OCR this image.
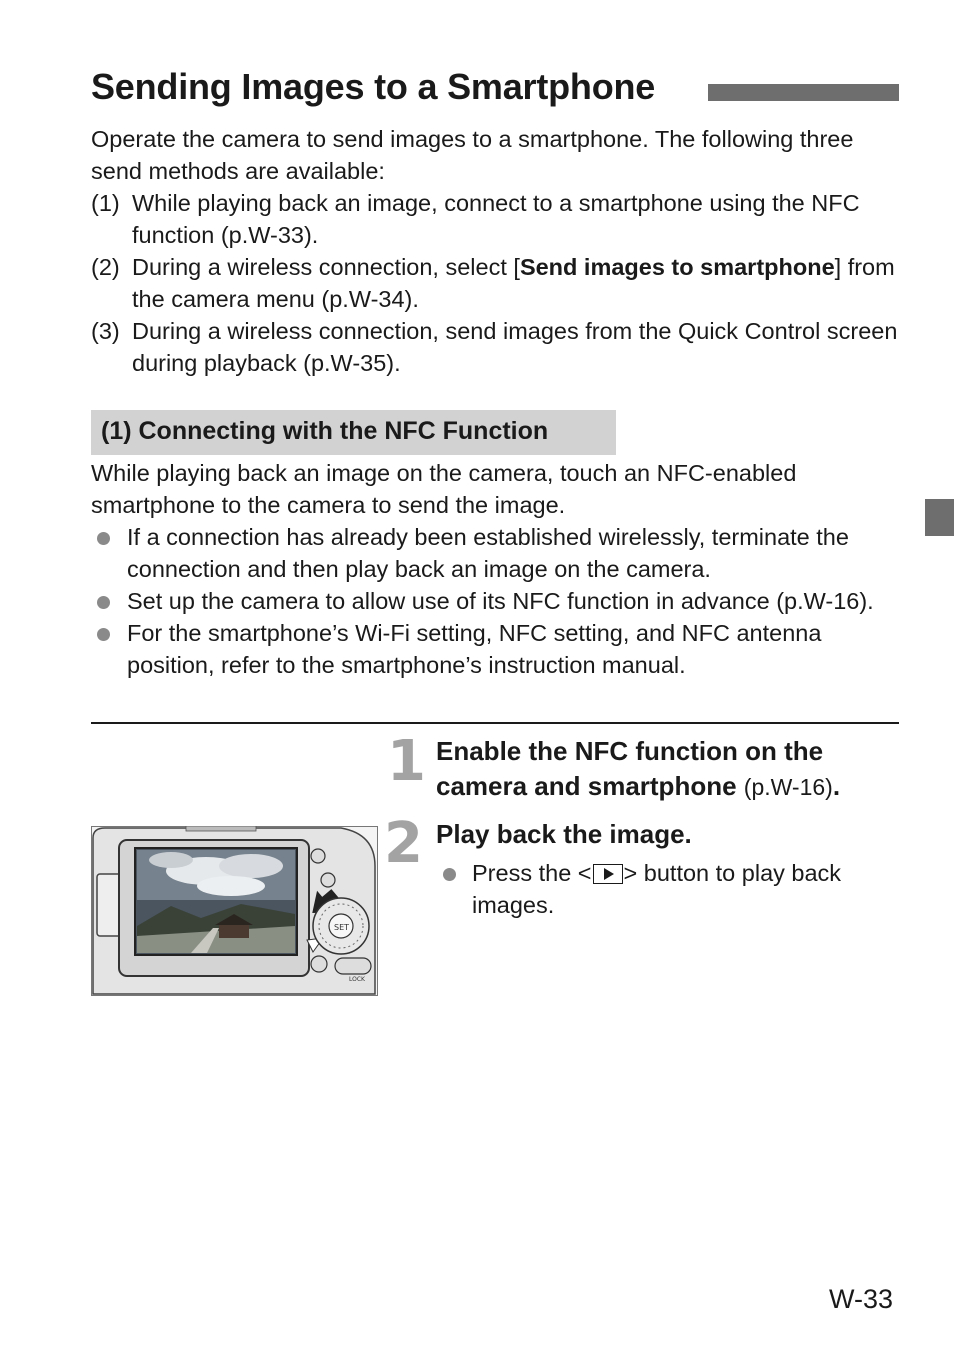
Sending Images to a Smartphone
Operate the camera to send images to a smartphone. The following three send methods are available:
(1) While playing back an image, connect to a smartphone using the NFC function (p.W-33).
(2) During a wireless connection, select [Send images to smartphone] from the camera menu (p.W-34).
(3) During a wireless connection, send images from the Quick Control screen during playback (p.W-35).
(1) Connecting with the NFC Function
While playing back an image on the camera, touch an NFC-enabled smartphone to the camera to send the image.
If a connection has already been established wirelessly, terminate the connection and then play back an image on the camera.
Set up the camera to allow use of its NFC function in advance (p.W-16).
For the smartphone’s Wi-Fi setting, NFC setting, and NFC antenna position, refer to the smartphone’s instruction manual.
1 Enable the NFC function on the camera and smartphone (p.W-16).
2 Play back the image.
Press the < > button to play back images.
SET
LOCK
W-33
